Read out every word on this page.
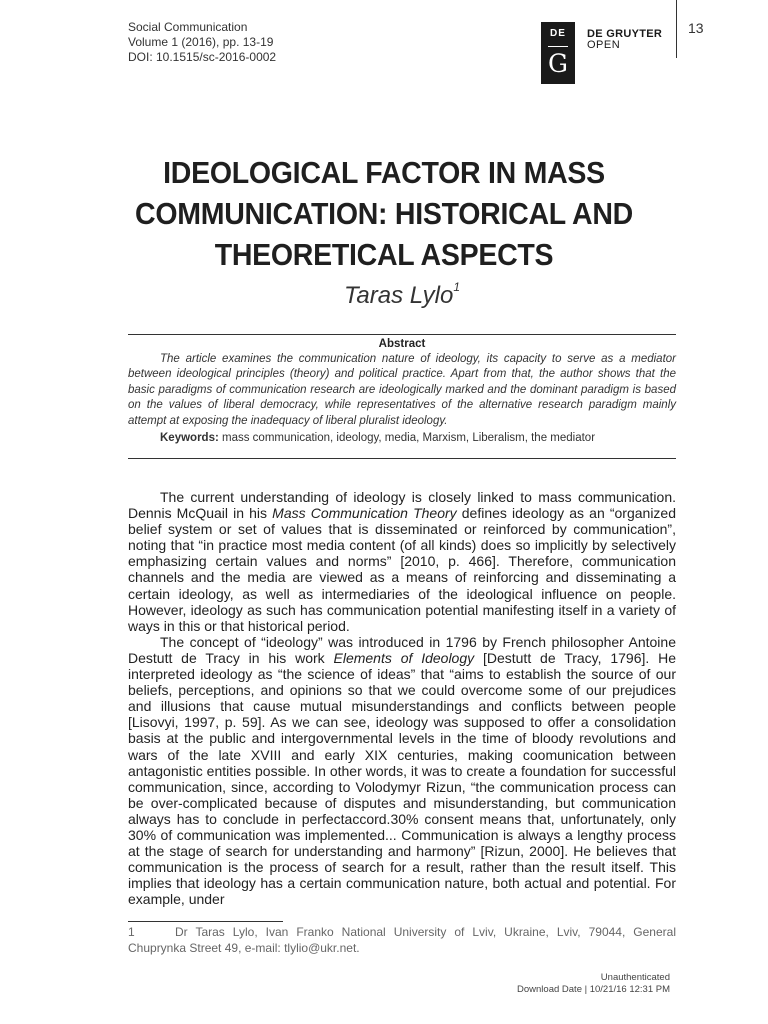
Social Communication
Volume 1 (2016), pp. 13-19
DOI: 10.1515/sc-2016-0002
DE
G
DE GRUYTER
OPEN
13
IDEOLOGICAL FACTOR IN MASS COMMUNICATION: HISTORICAL AND THEORETICAL ASPECTS
Taras Lylo$^1$
Abstract
The article examines the communication nature of ideology, its capacity to serve as a mediator between ideological principles (theory) and political practice. Apart from that, the author shows that the basic paradigms of communication research are ideologically marked and the dominant paradigm is based on the values of liberal democracy, while representatives of the alternative research paradigm mainly attempt at exposing the inadequacy of liberal pluralist ideology.
Keywords: mass communication, ideology, media, Marxism, Liberalism, the mediator

The current understanding of ideology is closely linked to mass communication. Dennis McQuail in his Mass Communication Theory defines ideology as an “organized belief system or set of values that is disseminated or reinforced by communication”, noting that “in practice most media content (of all kinds) does so implicitly by selectively emphasizing certain values and norms” [2010, p. 466]. Therefore, communication channels and the media are viewed as a means of reinforcing and disseminating a certain ideology, as well as intermediaries of the ideological influence on people. However, ideology as such has communication potential manifesting itself in a variety of ways in this or that historical period.

The concept of “ideology” was introduced in 1796 by French philosopher Antoine Destutt de Tracy in his work Elements of Ideology [Destutt de Tracy, 1796]. He interpreted ideology as “the science of ideas” that “aims to establish the source of our beliefs, perceptions, and opinions so that we could overcome some of our prejudices and illusions that cause mutual misunderstandings and conflicts between people [Lisovyi, 1997, p. 59]. As we can see, ideology was supposed to offer a consolidation basis at the public and intergovernmental levels in the time of bloody revolutions and wars of the late XVIII and early XIX centuries, making coomunication between antagonistic entities possible. In other words, it was to create a foundation for successful communication, since, according to Volodymyr Rizun, “the communication process can be over-complicated because of disputes and misunderstanding, but communication always has to conclude in perfectaccord.30% consent means that, unfortunately, only 30% of communication was implemented... Communication is always a lengthy process at the stage of search for understanding and harmony” [Rizun, 2000]. He believes that communication is the process of search for a result, rather than the result itself. This implies that ideology has a certain communication nature, both actual and potential. For example, under

1	Dr Taras Lylo, Ivan Franko National University of Lviv, Ukraine, Lviv, 79044, General Chuprynka Street 49, e-mail: tlylio@ukr.net.
Unauthenticated
Download Date | 10/21/16 12:31 PM
